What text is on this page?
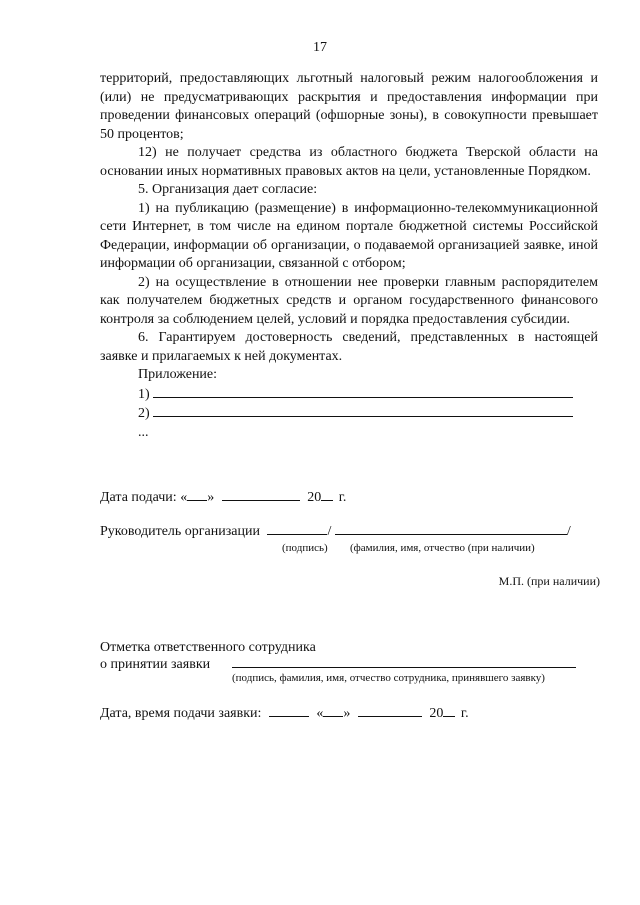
17

территорий, предоставляющих льготный налоговый режим налогообложения и (или) не предусматривающих раскрытия и предоставления информации при проведении финансовых операций (офшорные зоны), в совокупности превышает 50 процентов;

12) не получает средства из областного бюджета Тверской области на основании иных нормативных правовых актов на цели, установленные Порядком.

5. Организация дает согласие:

1) на публикацию (размещение) в информационно-телекоммуникационной сети Интернет, в том числе на едином портале бюджетной системы Российской Федерации, информации об организации, о подаваемой организацией заявке, иной информации об организации, связанной с отбором;

2) на осуществление в отношении нее проверки главным распорядителем как получателем бюджетных средств и органом государственного финансового контроля за соблюдением целей, условий и порядка предоставления субсидии.

6. Гарантируем достоверность сведений, представленных в настоящей заявке и прилагаемых к ней документах.

Приложение:

1)

2)

...

Дата подачи: « »	20 г.
Руководитель организации	/	/
(подпись) (фамилия, имя, отчество (при наличии)
М.П. (при наличии)
Отметка ответственного сотрудника
о принятии заявки
(подпись, фамилия, имя, отчество сотрудника, принявшего заявку)
Дата, время подачи заявки:	« »	20 г.
